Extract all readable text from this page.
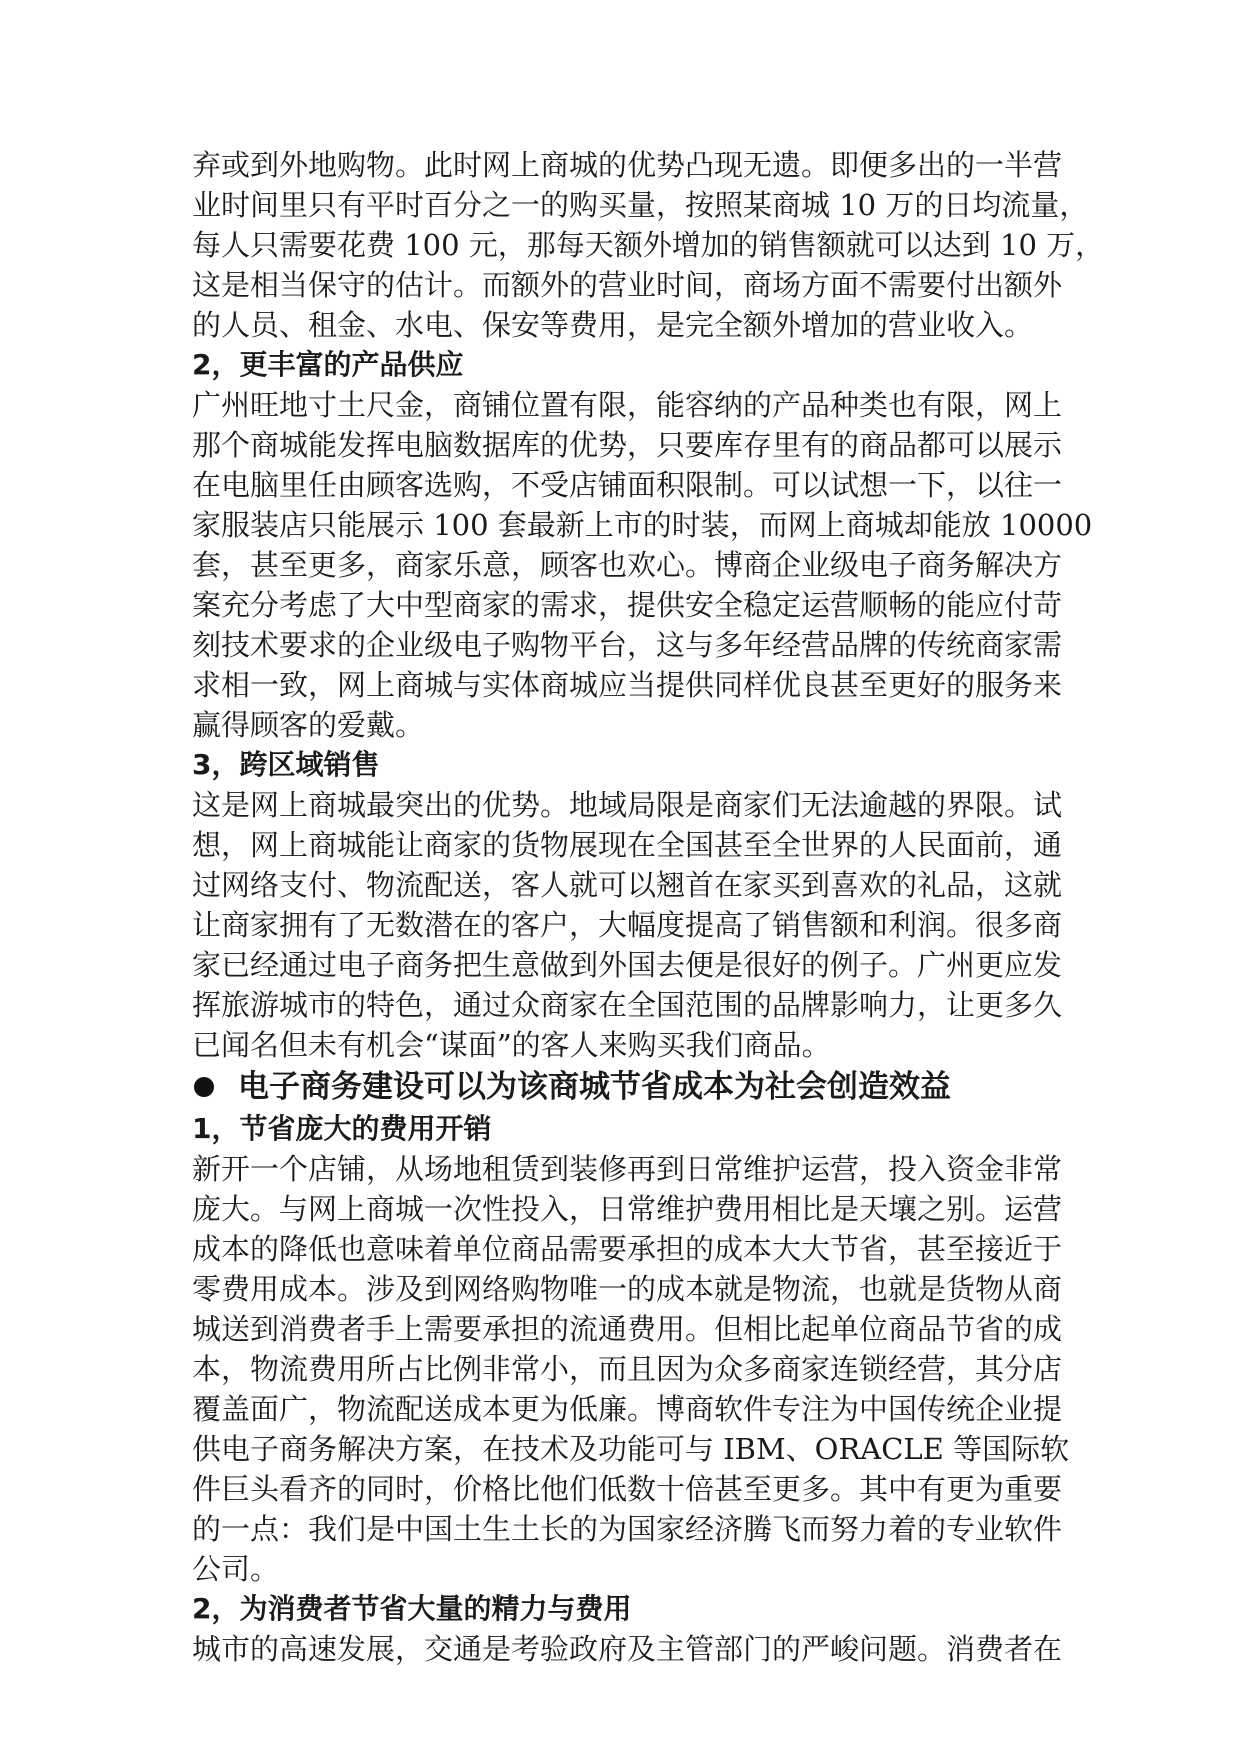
弃或到外地购物。此时网上商城的优势凸现无遗。即便多出的一半营
业时间里只有平时百分之一的购买量，按照某商城 10 万的日均流量，
每人只需要花费 100 元，那每天额外增加的销售额就可以达到 10 万，
这是相当保守的估计。而额外的营业时间，商场方面不需要付出额外
的人员、租金、水电、保安等费用，是完全额外增加的营业收入。
2，更丰富的产品供应
广州旺地寸土尺金，商铺位置有限，能容纳的产品种类也有限，网上
那个商城能发挥电脑数据库的优势，只要库存里有的商品都可以展示
在电脑里任由顾客选购，不受店铺面积限制。可以试想一下，以往一
家服装店只能展示 100 套最新上市的时装，而网上商城却能放 10000
套，甚至更多，商家乐意，顾客也欢心。博商企业级电子商务解决方
案充分考虑了大中型商家的需求，提供安全稳定运营顺畅的能应付苛
刻技术要求的企业级电子购物平台，这与多年经营品牌的传统商家需
求相一致，网上商城与实体商城应当提供同样优良甚至更好的服务来
赢得顾客的爱戴。
3，跨区域销售
这是网上商城最突出的优势。地域局限是商家们无法逾越的界限。试
想，网上商城能让商家的货物展现在全国甚至全世界的人民面前，通
过网络支付、物流配送，客人就可以翘首在家买到喜欢的礼品，这就
让商家拥有了无数潜在的客户，大幅度提高了销售额和利润。很多商
家已经通过电子商务把生意做到外国去便是很好的例子。广州更应发
挥旅游城市的特色，通过众商家在全国范围的品牌影响力，让更多久
已闻名但未有机会“谋面”的客人来购买我们商品。
电子商务建设可以为该商城节省成本为社会创造效益
1，节省庞大的费用开销
新开一个店铺，从场地租赁到装修再到日常维护运营，投入资金非常
庞大。与网上商城一次性投入，日常维护费用相比是天壤之别。运营
成本的降低也意味着单位商品需要承担的成本大大节省，甚至接近于
零费用成本。涉及到网络购物唯一的成本就是物流，也就是货物从商
城送到消费者手上需要承担的流通费用。但相比起单位商品节省的成
本，物流费用所占比例非常小，而且因为众多商家连锁经营，其分店
覆盖面广，物流配送成本更为低廉。博商软件专注为中国传统企业提
供电子商务解决方案，在技术及功能可与 IBM、ORACLE 等国际软
件巨头看齐的同时，价格比他们低数十倍甚至更多。其中有更为重要
的一点：我们是中国土生土长的为国家经济腾飞而努力着的专业软件
公司。
2，为消费者节省大量的精力与费用
城市的高速发展，交通是考验政府及主管部门的严峻问题。消费者在
